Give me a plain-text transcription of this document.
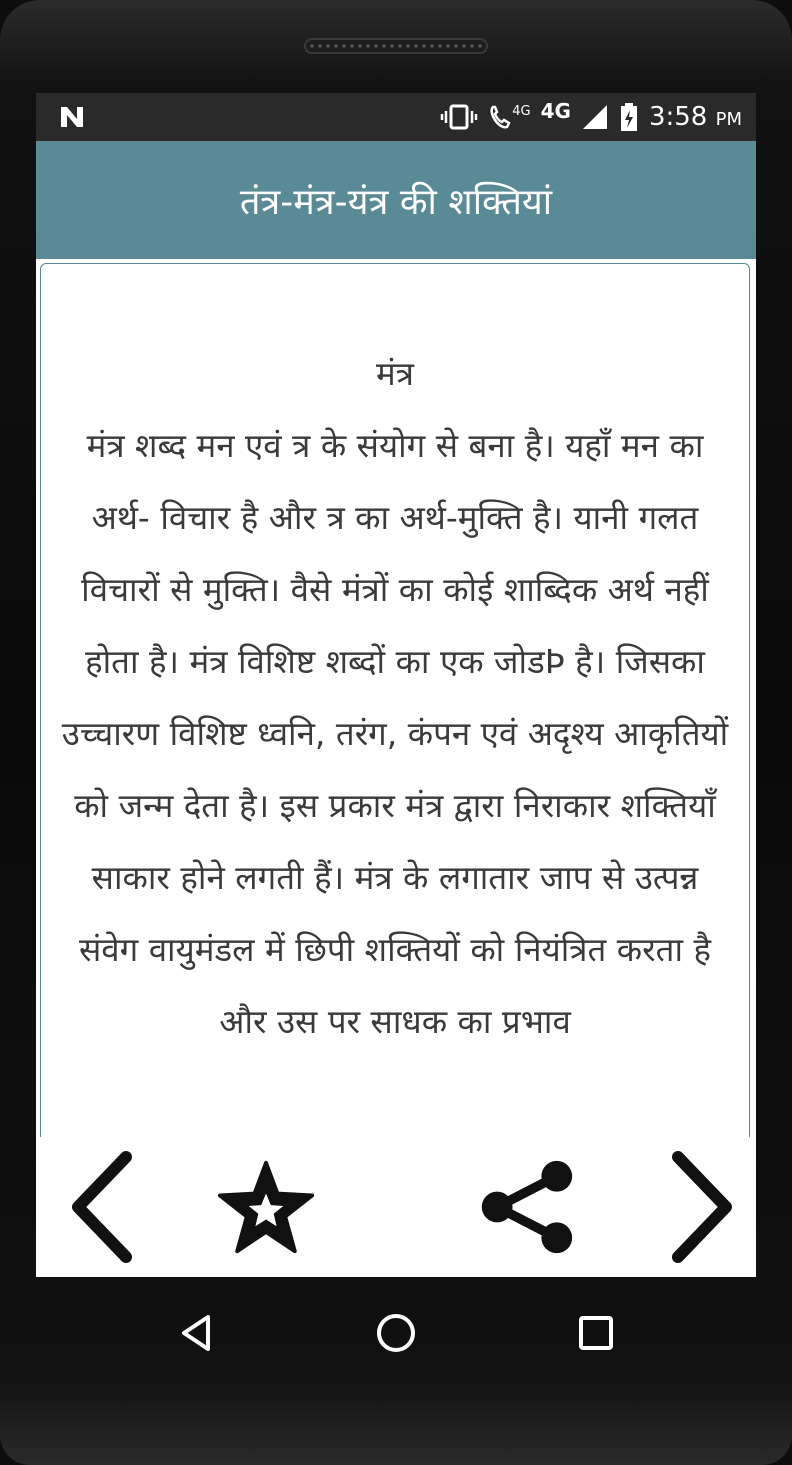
4G 4G	3:58 PM
तंत्र-मंत्र-यंत्र की शक्तियां
मंत्र
मंत्र शब्द मन एवं त्र के संयोग से बना है। यहाँ मन का अर्थ- विचार है और त्र का अर्थ-मुक्ति है। यानी गलत विचारों से मुक्ति। वैसे मंत्रों का कोई शाब्दिक अर्थ नहीं होता है। मंत्र विशिष्ट शब्दों का एक जोडÞ है। जिसका उच्चारण विशिष्ट ध्वनि, तरंग, कंपन एवं अदृश्य आकृतियों को जन्म देता है। इस प्रकार मंत्र द्वारा निराकार शक्तियाँ साकार होने लगती हैं। मंत्र के लगातार जाप से उत्पन्न संवेग वायुमंडल में छिपी शक्तियों को नियंत्रित करता है और उस पर साधक का प्रभाव
